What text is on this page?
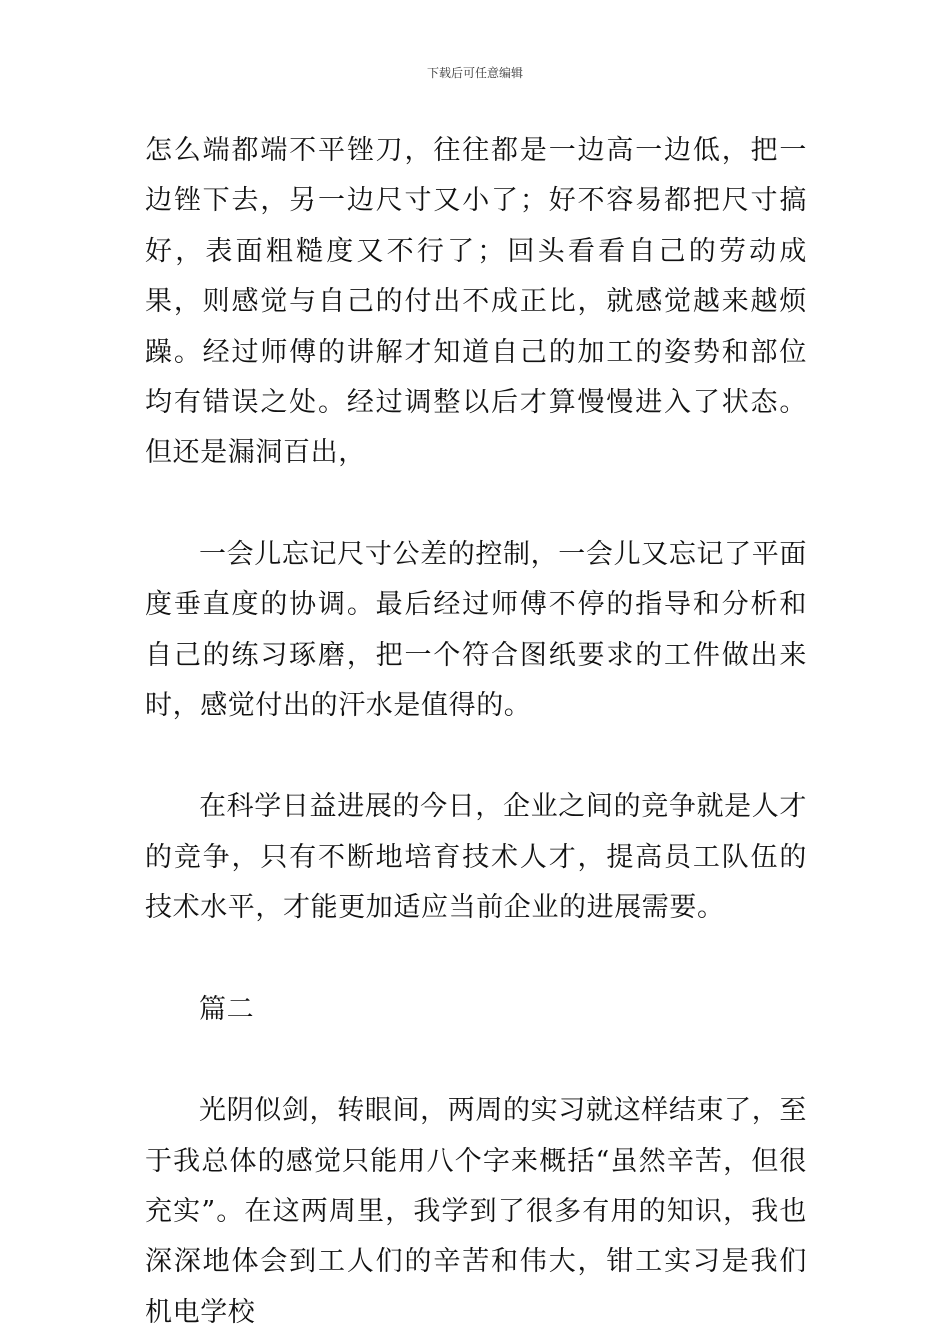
下载后可任意编辑

怎么端都端不平锉刀，往往都是一边高一边低，把一边锉下去，另一边尺寸又小了；好不容易都把尺寸搞好，表面粗糙度又不行了；回头看看自己的劳动成果，则感觉与自己的付出不成正比，就感觉越来越烦躁。经过师傅的讲解才知道自己的加工的姿势和部位均有错误之处。经过调整以后才算慢慢进入了状态。但还是漏洞百出，

一会儿忘记尺寸公差的控制，一会儿又忘记了平面度垂直度的协调。最后经过师傅不停的指导和分析和自己的练习琢磨，把一个符合图纸要求的工件做出来时，感觉付出的汗水是值得的。

在科学日益进展的今日，企业之间的竞争就是人才的竞争，只有不断地培育技术人才，提高员工队伍的技术水平，才能更加适应当前企业的进展需要。

篇二

光阴似剑，转眼间，两周的实习就这样结束了，至于我总体的感觉只能用八个字来概括“虽然辛苦，但很充实”。在这两周里，我学到了很多有用的知识，我也深深地体会到工人们的辛苦和伟大，钳工实习是我们机电学校
